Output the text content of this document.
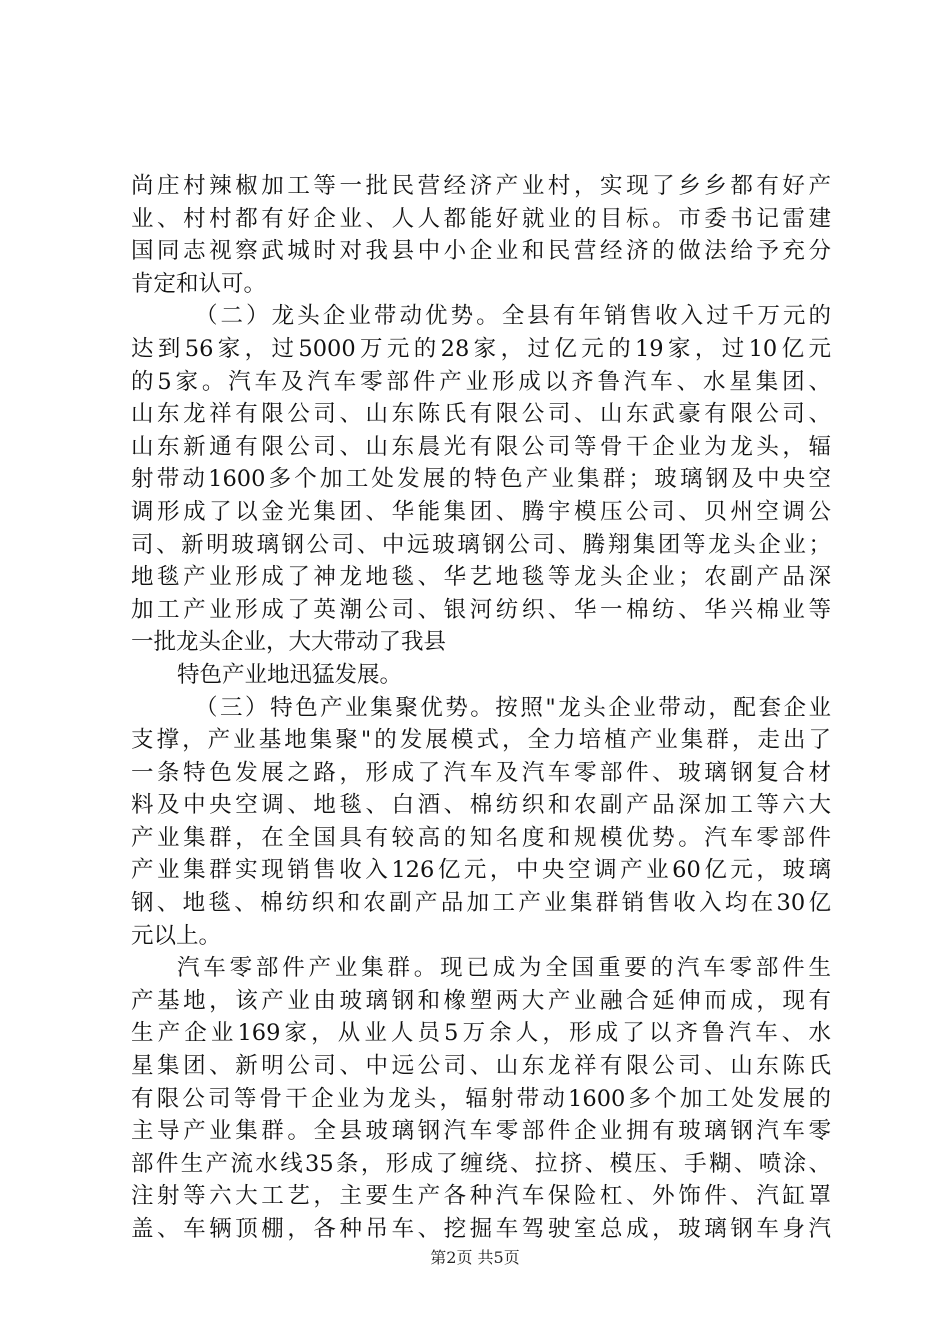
尚庄村辣椒加工等一批民营经济产业村，实现了乡乡都有好产
业、村村都有好企业、人人都能好就业的目标。市委书记雷建
国同志视察武城时对我县中小企业和民营经济的做法给予充分
肯定和认可。
（二）龙头企业带动优势。全县有年销售收入过千万元的
达到56家，过5000万元的28家，过亿元的19家，过10亿元
的5家。汽车及汽车零部件产业形成以齐鲁汽车、水星集团、
山东龙祥有限公司、山东陈氏有限公司、山东武豪有限公司、
山东新通有限公司、山东晨光有限公司等骨干企业为龙头，辐
射带动1600多个加工处发展的特色产业集群；玻璃钢及中央空
调形成了以金光集团、华能集团、腾宇模压公司、贝州空调公
司、新明玻璃钢公司、中远玻璃钢公司、腾翔集团等龙头企业；
地毯产业形成了神龙地毯、华艺地毯等龙头企业；农副产品深
加工产业形成了英潮公司、银河纺织、华一棉纺、华兴棉业等
一批龙头企业，大大带动了我县
特色产业地迅猛发展。
（三）特色产业集聚优势。按照"龙头企业带动，配套企业
支撑，产业基地集聚"的发展模式，全力培植产业集群，走出了
一条特色发展之路，形成了汽车及汽车零部件、玻璃钢复合材
料及中央空调、地毯、白酒、棉纺织和农副产品深加工等六大
产业集群，在全国具有较高的知名度和规模优势。汽车零部件
产业集群实现销售收入126亿元，中央空调产业60亿元，玻璃
钢、地毯、棉纺织和农副产品加工产业集群销售收入均在30亿
元以上。
汽车零部件产业集群。现已成为全国重要的汽车零部件生
产基地，该产业由玻璃钢和橡塑两大产业融合延伸而成，现有
生产企业169家，从业人员5万余人，形成了以齐鲁汽车、水
星集团、新明公司、中远公司、山东龙祥有限公司、山东陈氏
有限公司等骨干企业为龙头，辐射带动1600多个加工处发展的
主导产业集群。全县玻璃钢汽车零部件企业拥有玻璃钢汽车零
部件生产流水线35条，形成了缠绕、拉挤、模压、手糊、喷涂、
注射等六大工艺，主要生产各种汽车保险杠、外饰件、汽缸罩
盖、车辆顶棚，各种吊车、挖掘车驾驶室总成，玻璃钢车身汽
第2页 共5页
